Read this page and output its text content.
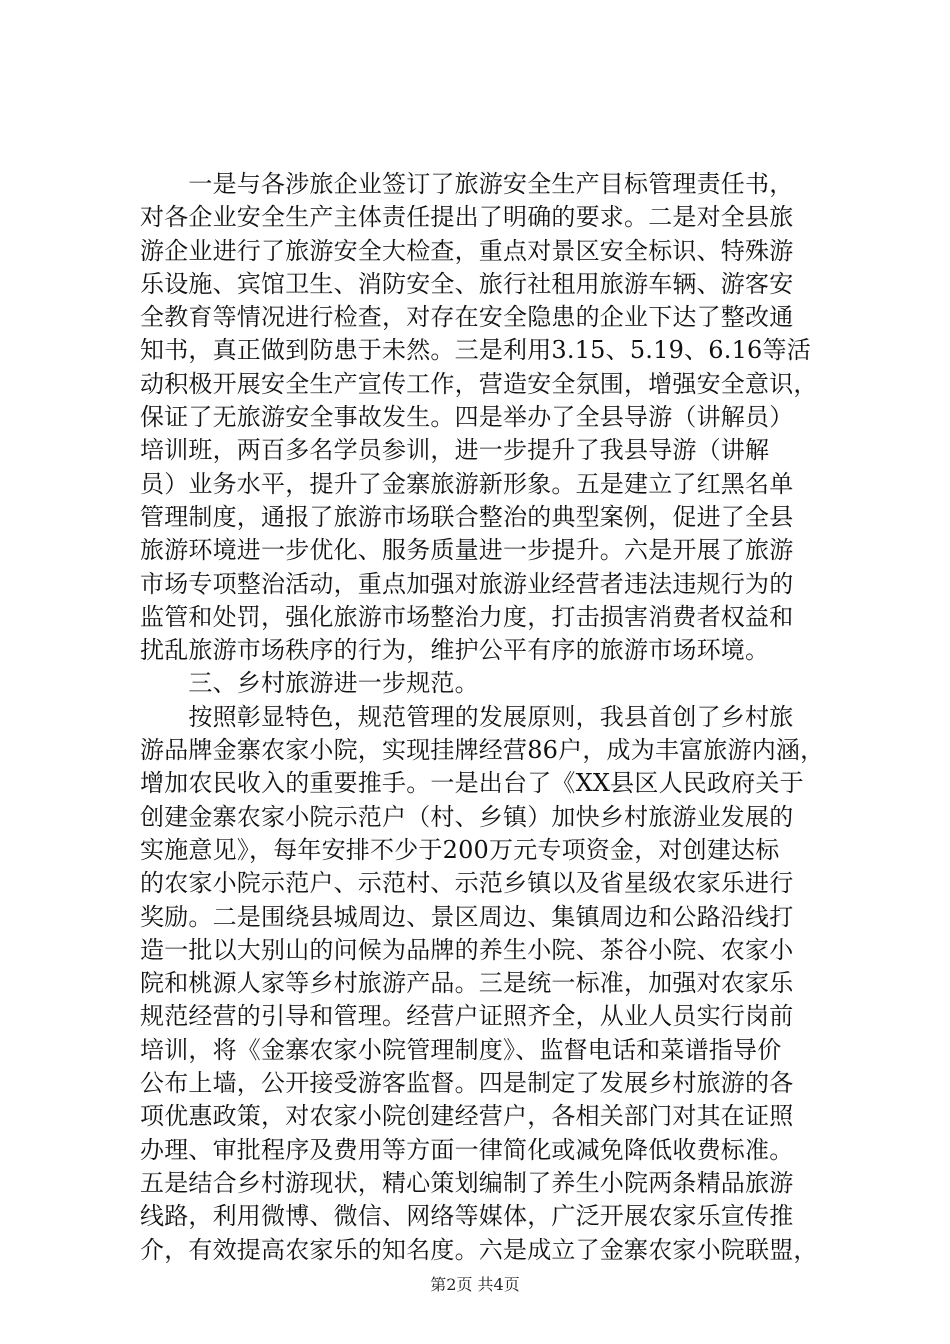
　　一是与各涉旅企业签订了旅游安全生产目标管理责任书，
对各企业安全生产主体责任提出了明确的要求。二是对全县旅
游企业进行了旅游安全大检查，重点对景区安全标识、特殊游
乐设施、宾馆卫生、消防安全、旅行社租用旅游车辆、游客安
全教育等情况进行检查，对存在安全隐患的企业下达了整改通
知书，真正做到防患于未然。三是利用3.15、5.19、6.16等活
动积极开展安全生产宣传工作，营造安全氛围，增强安全意识，
保证了无旅游安全事故发生。四是举办了全县导游（讲解员）
培训班，两百多名学员参训，进一步提升了我县导游（讲解
员）业务水平，提升了金寨旅游新形象。五是建立了红黑名单
管理制度，通报了旅游市场联合整治的典型案例，促进了全县
旅游环境进一步优化、服务质量进一步提升。六是开展了旅游
市场专项整治活动，重点加强对旅游业经营者违法违规行为的
监管和处罚，强化旅游市场整治力度，打击损害消费者权益和
扰乱旅游市场秩序的行为，维护公平有序的旅游市场环境。
　　三、乡村旅游进一步规范。
　　按照彰显特色，规范管理的发展原则，我县首创了乡村旅
游品牌金寨农家小院，实现挂牌经营86户，成为丰富旅游内涵，
增加农民收入的重要推手。一是出台了《XX县区人民政府关于
创建金寨农家小院示范户（村、乡镇）加快乡村旅游业发展的
实施意见》，每年安排不少于200万元专项资金，对创建达标
的农家小院示范户、示范村、示范乡镇以及省星级农家乐进行
奖励。二是围绕县城周边、景区周边、集镇周边和公路沿线打
造一批以大别山的问候为品牌的养生小院、茶谷小院、农家小
院和桃源人家等乡村旅游产品。三是统一标准，加强对农家乐
规范经营的引导和管理。经营户证照齐全，从业人员实行岗前
培训，将《金寨农家小院管理制度》、监督电话和菜谱指导价
公布上墙，公开接受游客监督。四是制定了发展乡村旅游的各
项优惠政策，对农家小院创建经营户，各相关部门对其在证照
办理、审批程序及费用等方面一律简化或减免降低收费标准。
五是结合乡村游现状，精心策划编制了养生小院两条精品旅游
线路，利用微博、微信、网络等媒体，广泛开展农家乐宣传推
介，有效提高农家乐的知名度。六是成立了金寨农家小院联盟，
第2页 共4页
